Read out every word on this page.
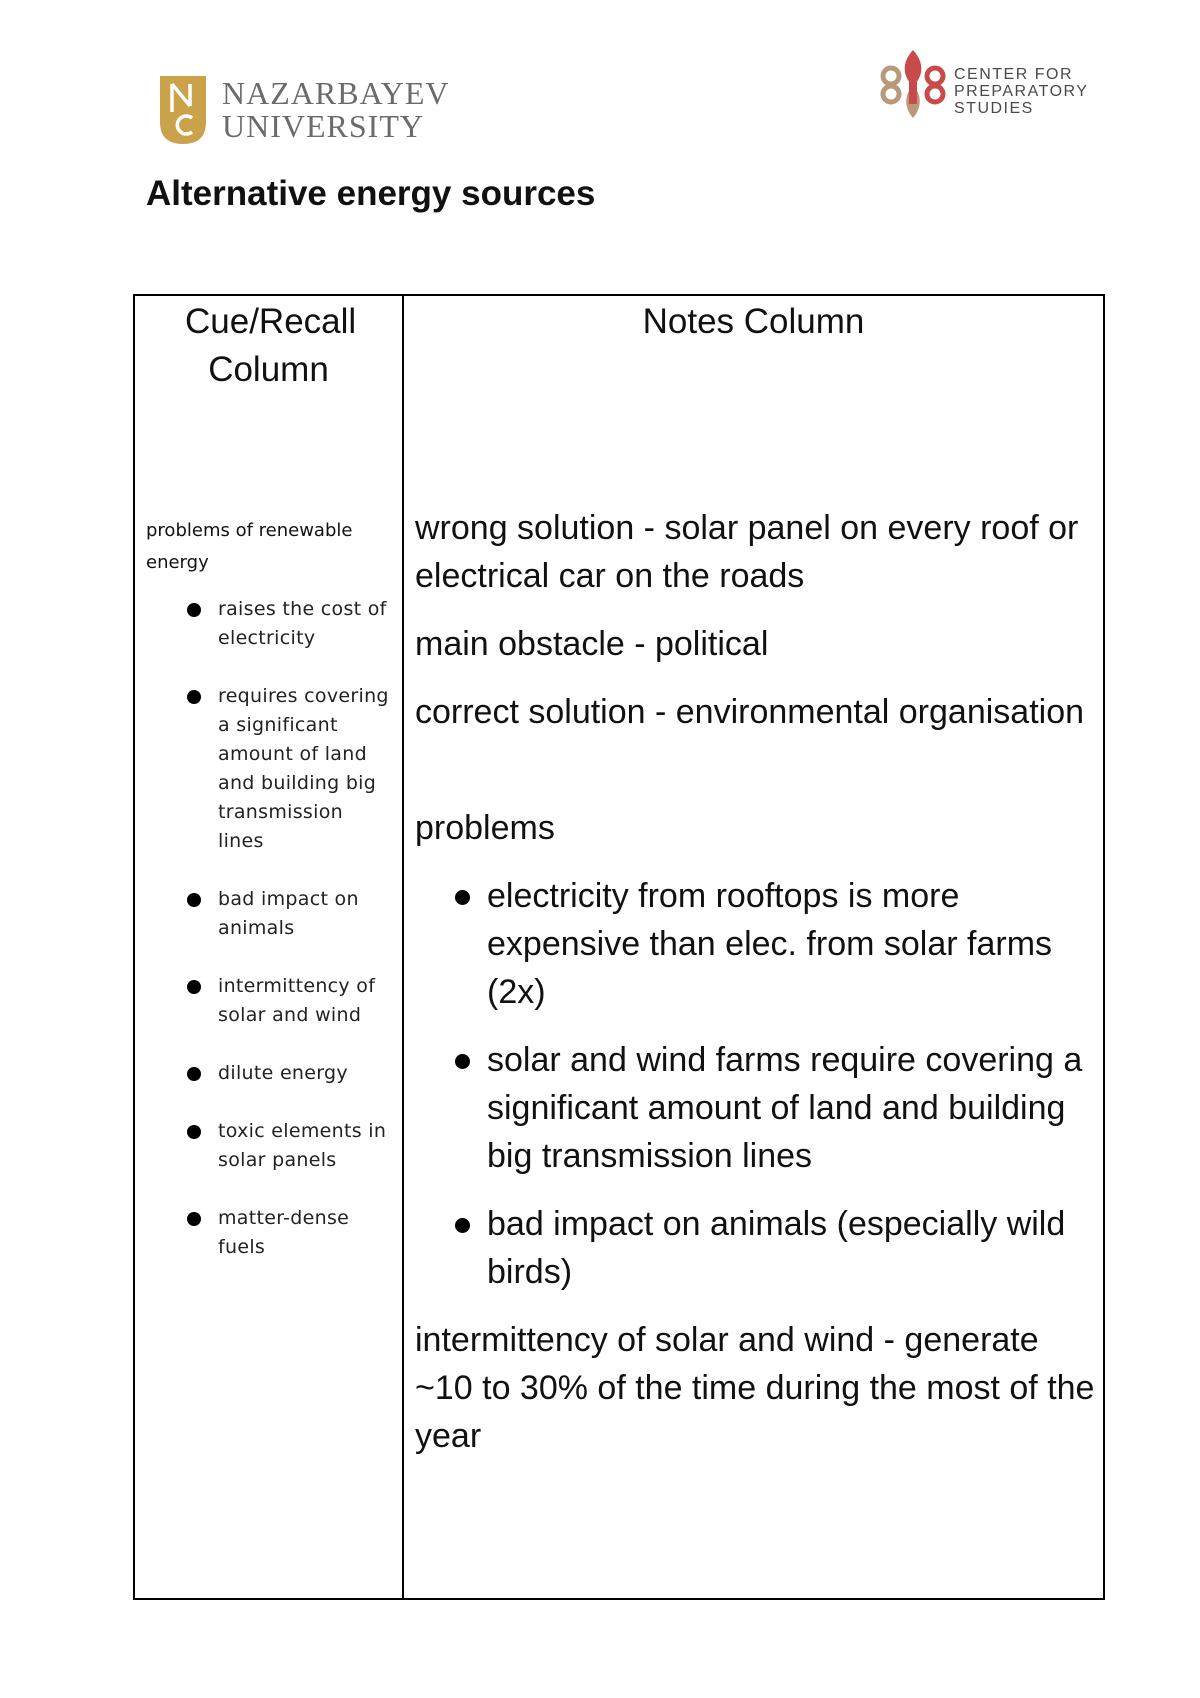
NAZARBAYEV
UNIVERSITY
CENTER FOR
PREPARATORY
STUDIES
Alternative energy sources
Cue/Recall Column
problems of renewable energy
raises the cost of electricity
requires covering a significant amount of land and building big transmission lines
bad impact on animals
intermittency of solar and wind
dilute energy
toxic elements in solar panels
matter-dense fuels
Notes Column

wrong solution - solar panel on every roof or electrical car on the roads

main obstacle - political

correct solution - environmental organisation

problems

electricity from rooftops is more expensive than elec. from solar farms (2x)
solar and wind farms require covering a significant amount of land and building big transmission lines
bad impact on animals (especially wild birds)

intermittency of solar and wind - generate ~10 to 30% of the time during the most of the year
